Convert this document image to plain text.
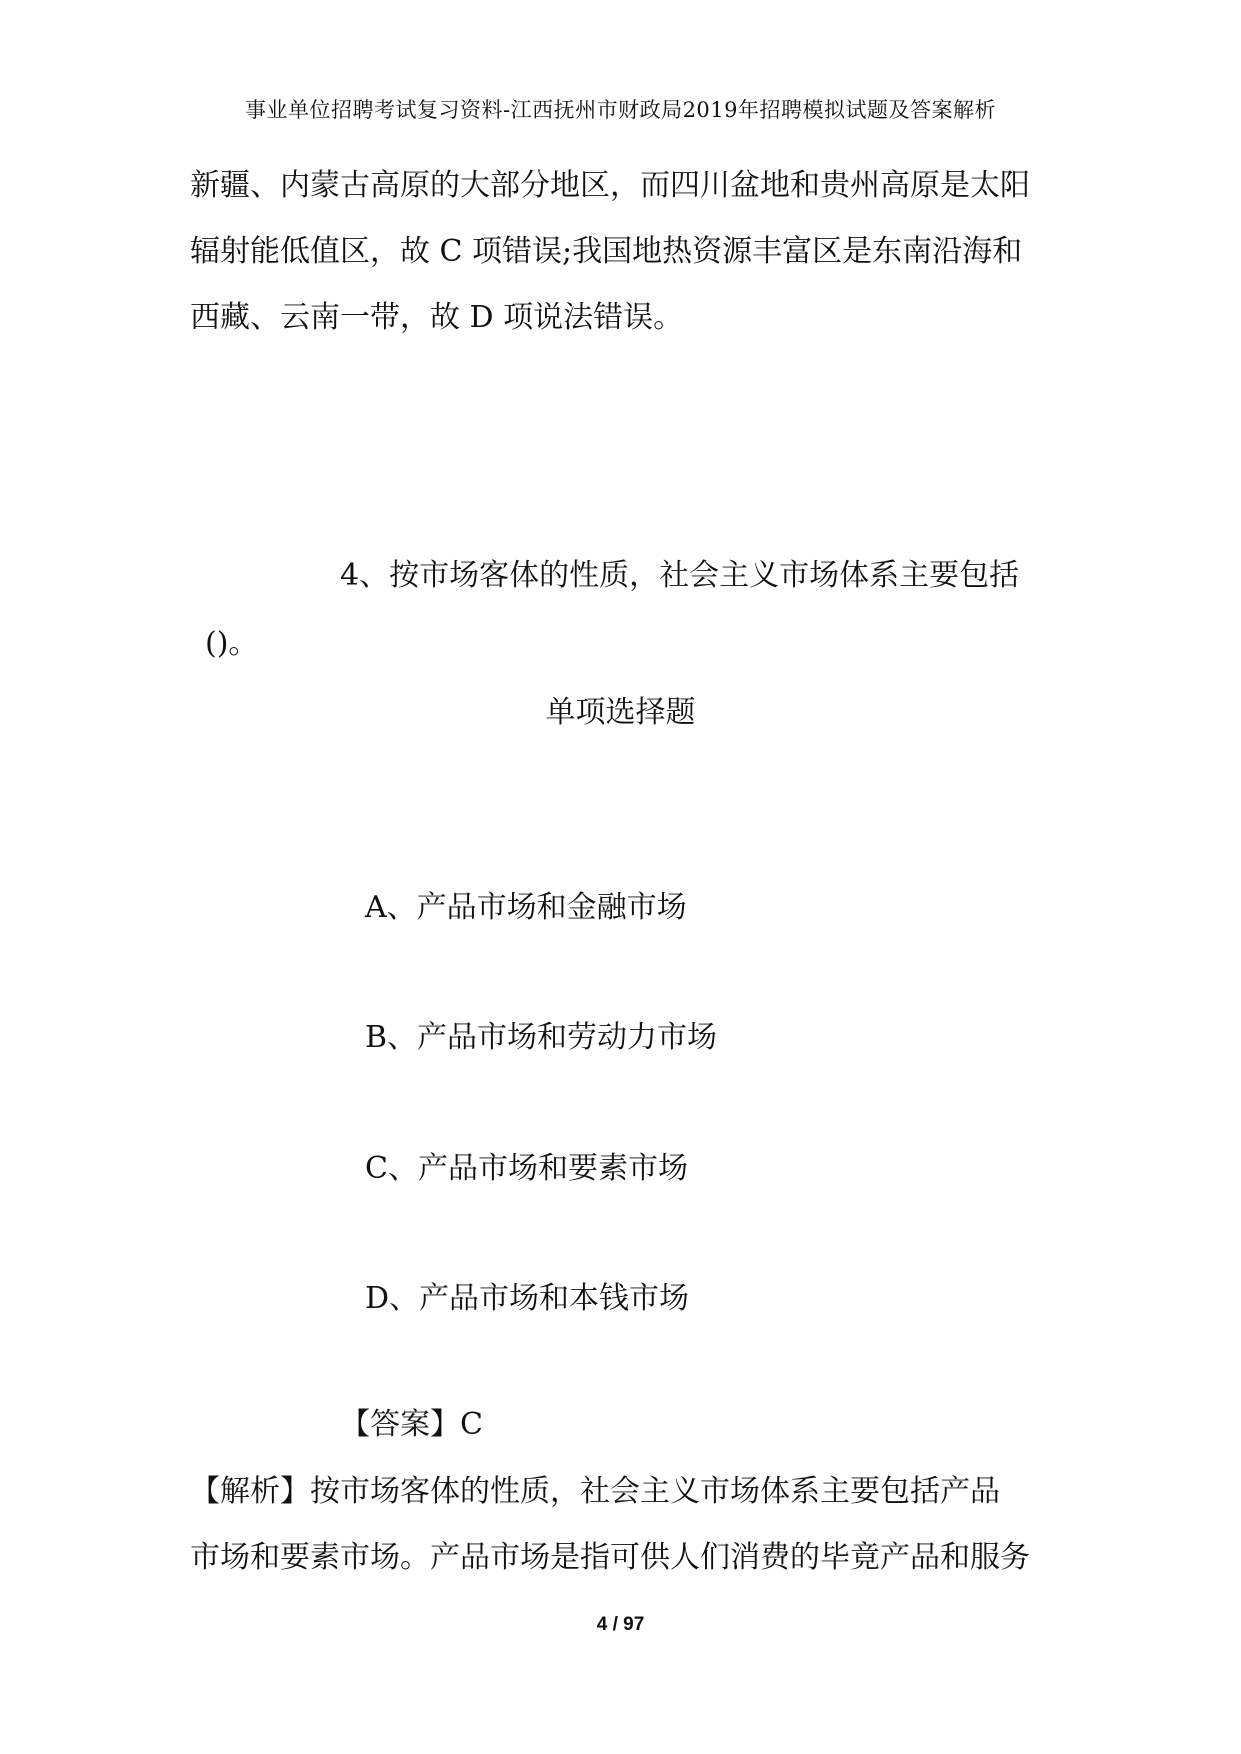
事业单位招聘考试复习资料-江西抚州市财政局2019年招聘模拟试题及答案解析
新疆、内蒙古高原的大部分地区，而四川盆地和贵州高原是太阳
辐射能低值区，故 C 项错误;我国地热资源丰富区是东南沿海和
西藏、云南一带，故 D 项说法错误。
4、按市场客体的性质，社会主义市场体系主要包括
()。
单项选择题
A、产品市场和金融市场
B、产品市场和劳动力市场
C、产品市场和要素市场
D、产品市场和本钱市场
【答案】C
【解析】按市场客体的性质，社会主义市场体系主要包括产品
市场和要素市场。产品市场是指可供人们消费的毕竟产品和服务
4 / 97
